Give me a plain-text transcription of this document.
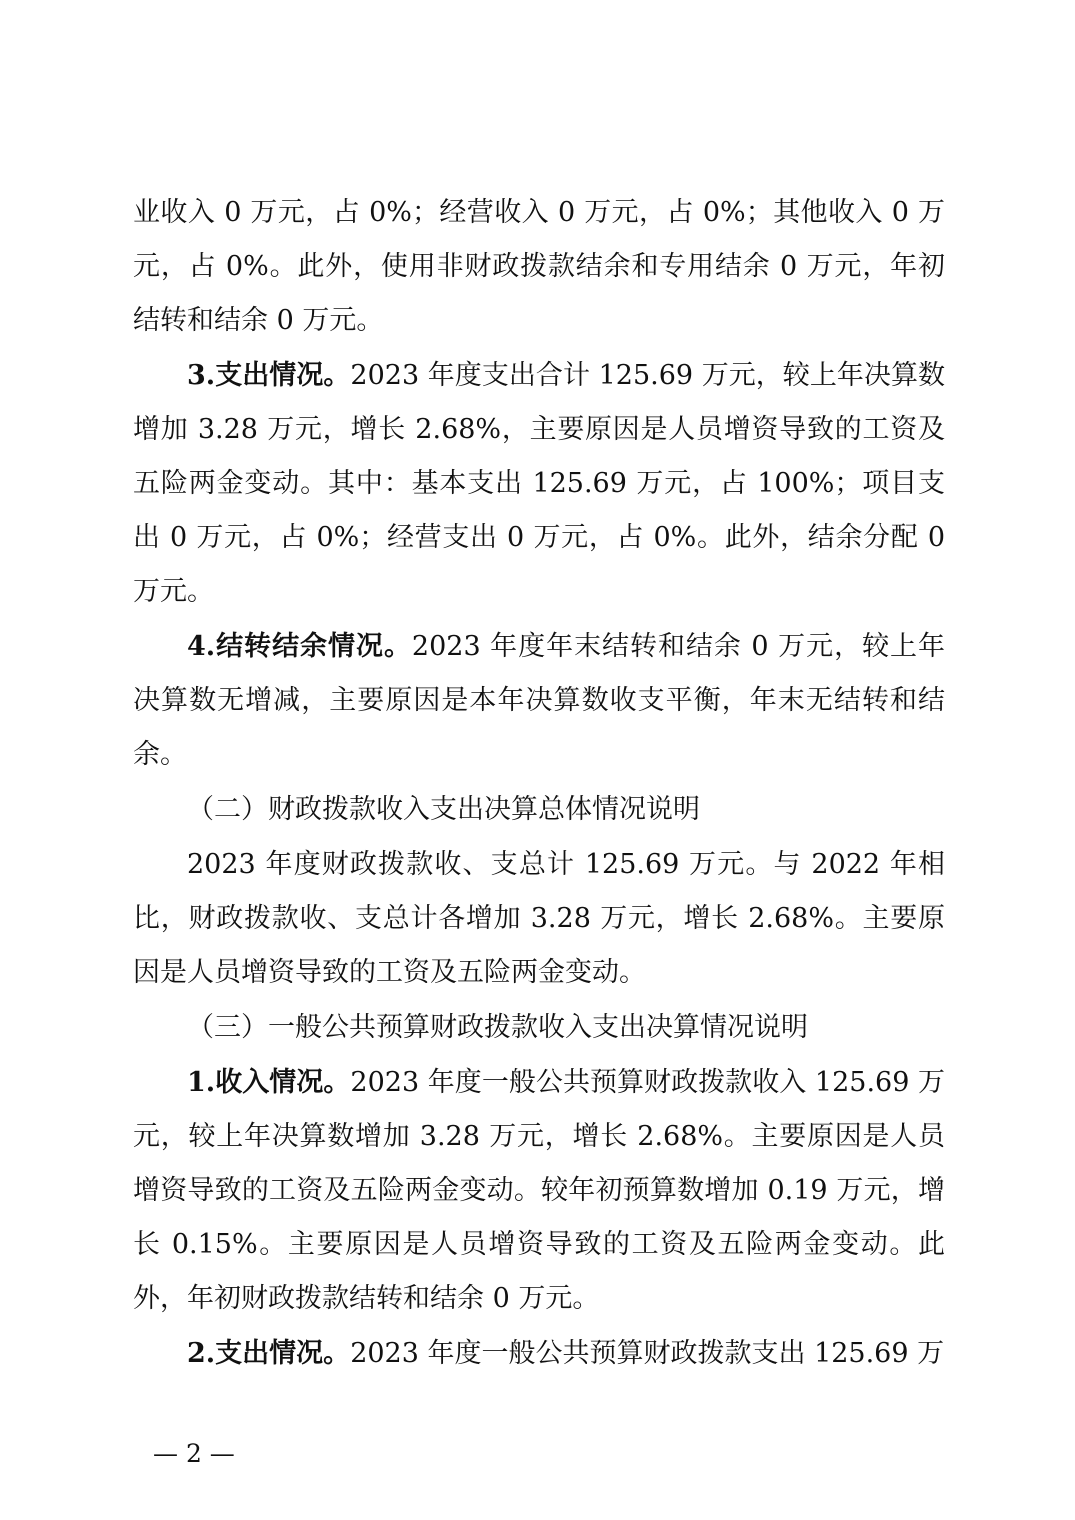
业收入 0 万元，占 0%；经营收入 0 万元，占 0%；其他收入 0 万元，占 0%。此外，使用非财政拨款结余和专用结余 0 万元，年初结转和结余 0 万元。

3.支出情况。2023 年度支出合计 125.69 万元，较上年决算数增加 3.28 万元，增长 2.68%，主要原因是人员增资导致的工资及五险两金变动。其中：基本支出 125.69 万元，占 100%；项目支出 0 万元，占 0%；经营支出 0 万元，占 0%。此外，结余分配 0 万元。

4.结转结余情况。2023 年度年末结转和结余 0 万元，较上年决算数无增减，主要原因是本年决算数收支平衡，年末无结转和结余。

（二）财政拨款收入支出决算总体情况说明

2023 年度财政拨款收、支总计 125.69 万元。与 2022 年相比，财政拨款收、支总计各增加 3.28 万元，增长 2.68%。主要原因是人员增资导致的工资及五险两金变动。

（三）一般公共预算财政拨款收入支出决算情况说明

1.收入情况。2023 年度一般公共预算财政拨款收入 125.69 万元，较上年决算数增加 3.28 万元，增长 2.68%。主要原因是人员增资导致的工资及五险两金变动。较年初预算数增加 0.19 万元，增长 0.15%。主要原因是人员增资导致的工资及五险两金变动。此外，年初财政拨款结转和结余 0 万元。

2.支出情况。2023 年度一般公共预算财政拨款支出 125.69 万

— 2 —
